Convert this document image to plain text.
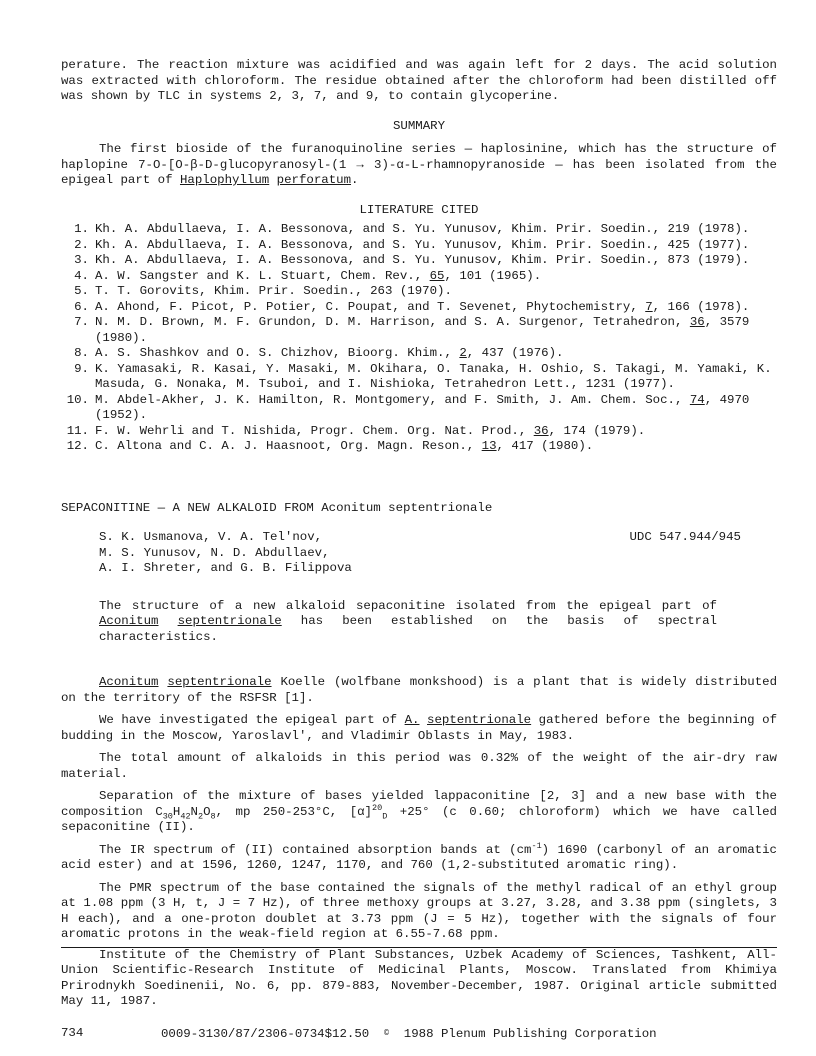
perature. The reaction mixture was acidified and was again left for 2 days. The acid solution was extracted with chloroform. The residue obtained after the chloroform had been distilled off was shown by TLC in systems 2, 3, 7, and 9, to contain glycoperine.

SUMMARY

The first bioside of the furanoquinoline series — haplosinine, which has the structure of haplopine 7-O-[O-β-D-glucopyranosyl-(1 → 3)-α-L-rhamnopyranoside — has been isolated from the epigeal part of Haplophyllum perforatum.

LITERATURE CITED

1. Kh. A. Abdullaeva, I. A. Bessonova, and S. Yu. Yunusov, Khim. Prir. Soedin., 219 (1978).
2. Kh. A. Abdullaeva, I. A. Bessonova, and S. Yu. Yunusov, Khim. Prir. Soedin., 425 (1977).
3. Kh. A. Abdullaeva, I. A. Bessonova, and S. Yu. Yunusov, Khim. Prir. Soedin., 873 (1979).
4. A. W. Sangster and K. L. Stuart, Chem. Rev., 65, 101 (1965).
5. T. T. Gorovits, Khim. Prir. Soedin., 263 (1970).
6. A. Ahond, F. Picot, P. Potier, C. Poupat, and T. Sevenet, Phytochemistry, 7, 166 (1978).
7. N. M. D. Brown, M. F. Grundon, D. M. Harrison, and S. A. Surgenor, Tetrahedron, 36, 3579 (1980).
8. A. S. Shashkov and O. S. Chizhov, Bioorg. Khim., 2, 437 (1976).
9. K. Yamasaki, R. Kasai, Y. Masaki, M. Okihara, O. Tanaka, H. Oshio, S. Takagi, M. Yamaki, K. Masuda, G. Nonaka, M. Tsuboi, and I. Nishioka, Tetrahedron Lett., 1231 (1977).
10. M. Abdel-Akher, J. K. Hamilton, R. Montgomery, and F. Smith, J. Am. Chem. Soc., 74, 4970 (1952).
11. F. W. Wehrli and T. Nishida, Progr. Chem. Org. Nat. Prod., 36, 174 (1979).
12. C. Altona and C. A. J. Haasnoot, Org. Magn. Reson., 13, 417 (1980).

SEPACONITINE — A NEW ALKALOID FROM Aconitum septentrionale

S. K. Usmanova, V. A. Tel'nov,

M. S. Yunusov, N. D. Abdullaev,

A. I. Shreter, and G. B. Filippova

UDC 547.944/945

The structure of a new alkaloid sepaconitine isolated from the epigeal part of Aconitum septentrionale has been established on the basis of spectral characteristics.

Aconitum septentrionale Koelle (wolfbane monkshood) is a plant that is widely distributed on the territory of the RSFSR [1].

We have investigated the epigeal part of A. septentrionale gathered before the beginning of budding in the Moscow, Yaroslavl', and Vladimir Oblasts in May, 1983.

The total amount of alkaloids in this period was 0.32% of the weight of the air-dry raw material.

Separation of the mixture of bases yielded lappaconitine [2, 3] and a new base with the composition $C_{30}H_{42}N_2O_8$, mp 250-253°C, $[\alpha]^{20}_D +25^\circ$ (c 0.60; chloroform) which we have called sepaconitine (II).

The IR spectrum of (II) contained absorption bands at $(cm^{-1})$ 1690 (carbonyl of an aromatic acid ester) and at 1596, 1260, 1247, 1170, and 760 (1,2-substituted aromatic ring).

The PMR spectrum of the base contained the signals of the methyl radical of an ethyl group at 1.08 ppm (3 H, t, J = 7 Hz), of three methoxy groups at 3.27, 3.28, and 3.38 ppm (singlets, 3 H each), and a one-proton doublet at 3.73 ppm (J = 5 Hz), together with the signals of four aromatic protons in the weak-field region at 6.55-7.68 ppm.

Institute of the Chemistry of Plant Substances, Uzbek Academy of Sciences, Tashkent, All-Union Scientific-Research Institute of Medicinal Plants, Moscow. Translated from Khimiya Prirodnykh Soedinenii, No. 6, pp. 879-883, November-December, 1987. Original article submitted May 11, 1987.

734	0009-3130/87/2306-0734$12.50 © 1988 Plenum Publishing Corporation
